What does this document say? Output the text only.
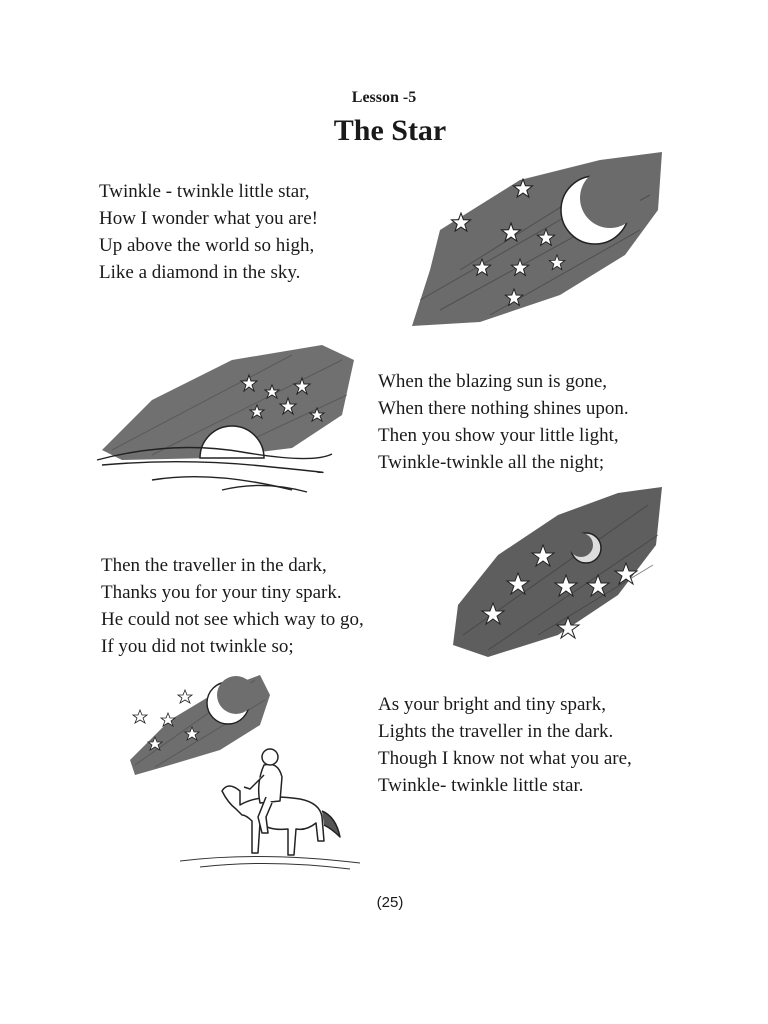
Lesson -5
The Star
Twinkle - twinkle little star,
How I wonder what you are!
Up above the world so high,
Like a diamond in the sky.
When the blazing sun is gone,
When there nothing shines upon.
Then you show your little light,
Twinkle-twinkle all the night;
Then the traveller in the dark,
Thanks you for your tiny spark.
He could not see which way to go,
If you did not twinkle so;
As your bright and tiny spark,
Lights the traveller in the dark.
Though I know not what you are,
Twinkle- twinkle little star.
(25)
